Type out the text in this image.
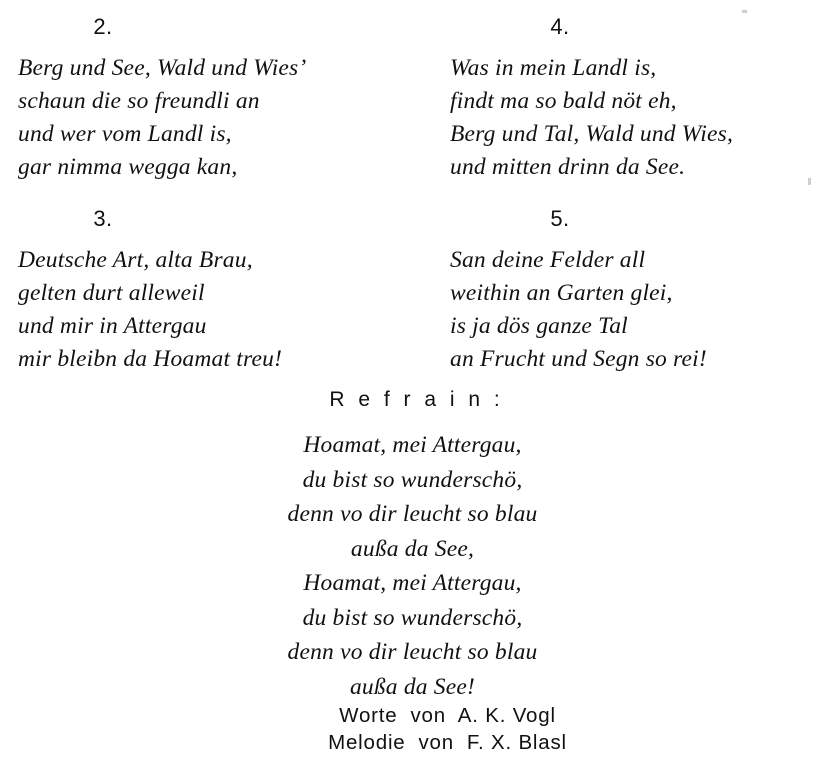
2.
Berg und See, Wald und Wies’
schaun die so freundli an
und wer vom Landl is,
gar nimma wegga kan,
3.
Deutsche Art, alta Brau,
gelten durt alleweil
und mir in Attergau
mir bleibn da Hoamat treu!
4.
Was in mein Landl is,
findt ma so bald nöt eh,
Berg und Tal, Wald und Wies,
und mitten drinn da See.
5.
San deine Felder all
weithin an Garten glei,
is ja dös ganze Tal
an Frucht und Segn so rei!
R e f r a i n :
Hoamat, mei Attergau,
du bist so wunderschö,
denn vo dir leucht so blau
außa da See,
Hoamat, mei Attergau,
du bist so wunderschö,
denn vo dir leucht so blau
außa da See!
Worte  von  A. K. Vogl
Melodie  von  F. X. Blasl
